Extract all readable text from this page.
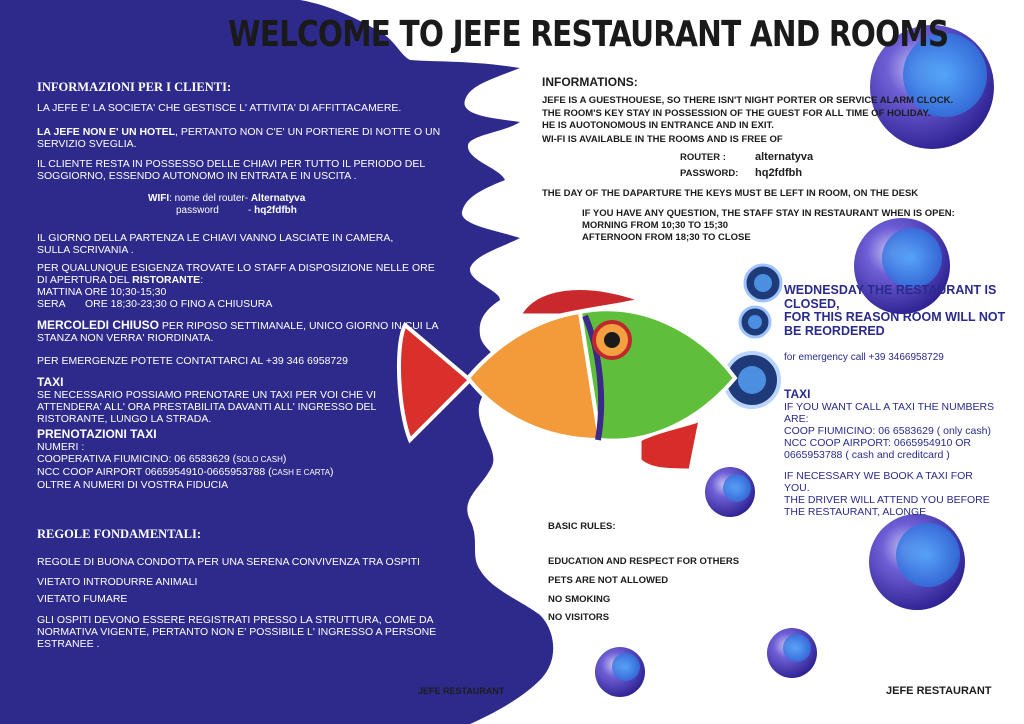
WELCOME TO JEFE RESTAURANT AND ROOMS
INFORMAZIONI PER I CLIENTI:
LA JEFE E' LA SOCIETA' CHE GESTISCE L' ATTIVITA' DI AFFITTACAMERE.
LA JEFE NON E' UN HOTEL, PERTANTO NON C'E' UN PORTIERE DI NOTTE O UN SERVIZIO SVEGLIA.
IL CLIENTE RESTA IN POSSESSO DELLE CHIAVI PER TUTTO IL PERIODO DEL SOGGIORNO, ESSENDO AUTONOMO IN ENTRATA E IN USCITA .
WIFI: nome del router- Alternatyva
password	- hq2fdfbh
IL GIORNO DELLA PARTENZA LE CHIAVI VANNO LASCIATE IN CAMERA, SULLA SCRIVANIA .
PER QUALUNQUE ESIGENZA TROVATE LO STAFF A DISPOSIZIONE NELLE ORE DI APERTURA DEL RISTORANTE:
MATTINA ORE 10;30-15;30
SERA ORE 18;30-23;30 O FINO A CHIUSURA
MERCOLEDI CHIUSO PER RIPOSO SETTIMANALE, UNICO GIORNO IN CUI LA STANZA NON VERRA' RIORDINATA.
PER EMERGENZE POTETE CONTATTARCI AL +39 346 6958729
TAXI
SE NECESSARIO POSSIAMO PRENOTARE UN TAXI PER VOI CHE VI ATTENDERA' ALL' ORA PRESTABILITA DAVANTI ALL' INGRESSO DEL RISTORANTE, LUNGO LA STRADA.
PRENOTAZIONI TAXI
NUMERI :
COOPERATIVA FIUMICINO: 06 6583629 (SOLO CASH)
NCC COOP AIRPORT 0665954910-0665953788 (CASH E CARTA)
OLTRE A NUMERI DI VOSTRA FIDUCIA
REGOLE FONDAMENTALI:
REGOLE DI BUONA CONDOTTA PER UNA SERENA CONVIVENZA TRA OSPITI
VIETATO INTRODURRE ANIMALI
VIETATO FUMARE
GLI OSPITI DEVONO ESSERE REGISTRATI PRESSO LA STRUTTURA, COME DA NORMATIVA VIGENTE, PERTANTO NON E' POSSIBILE L' INGRESSO A PERSONE ESTRANEE .
JEFE RESTAURANT
INFORMATIONS:
JEFE IS A GUESTHOUESE, SO THERE ISN'T NIGHT PORTER OR SERVICE ALARM CLOCK.
THE ROOM'S KEY STAY IN POSSESSION OF THE GUEST FOR ALL TIME OF HOLIDAY.
HE IS AUOTONOMOUS IN ENTRANCE AND IN EXIT.
WI-FI IS AVAILABLE IN THE ROOMS AND IS FREE OF
ROUTER :	alternatyva
PASSWORD: hq2fdfbh
THE DAY OF THE DAPARTURE THE KEYS MUST BE LEFT IN ROOM, ON THE DESK
IF YOU HAVE ANY QUESTION, THE STAFF STAY IN RESTAURANT WHEN IS OPEN:
MORNING FROM 10;30 TO 15;30
AFTERNOON FROM 18;30 TO CLOSE
WEDNESDAY THE RESTAURANT IS CLOSED,
FOR THIS REASON ROOM WILL NOT BE REORDERED
for emergency call +39 3466958729
TAXI
IF YOU WANT CALL A TAXI THE NUMBERS ARE:
COOP FIUMICINO: 06 6583629 ( only cash)
NCC COOP AIRPORT: 0665954910 OR 0665953788 ( cash and creditcard )
IF NECESSARY WE BOOK A TAXI FOR YOU.
THE DRIVER WILL ATTEND YOU BEFORE THE RESTAURANT, ALONGE
BASIC RULES:
EDUCATION AND RESPECT FOR OTHERS
PETS ARE NOT ALLOWED
NO SMOKING
NO VISITORS
JEFE RESTAURANT
